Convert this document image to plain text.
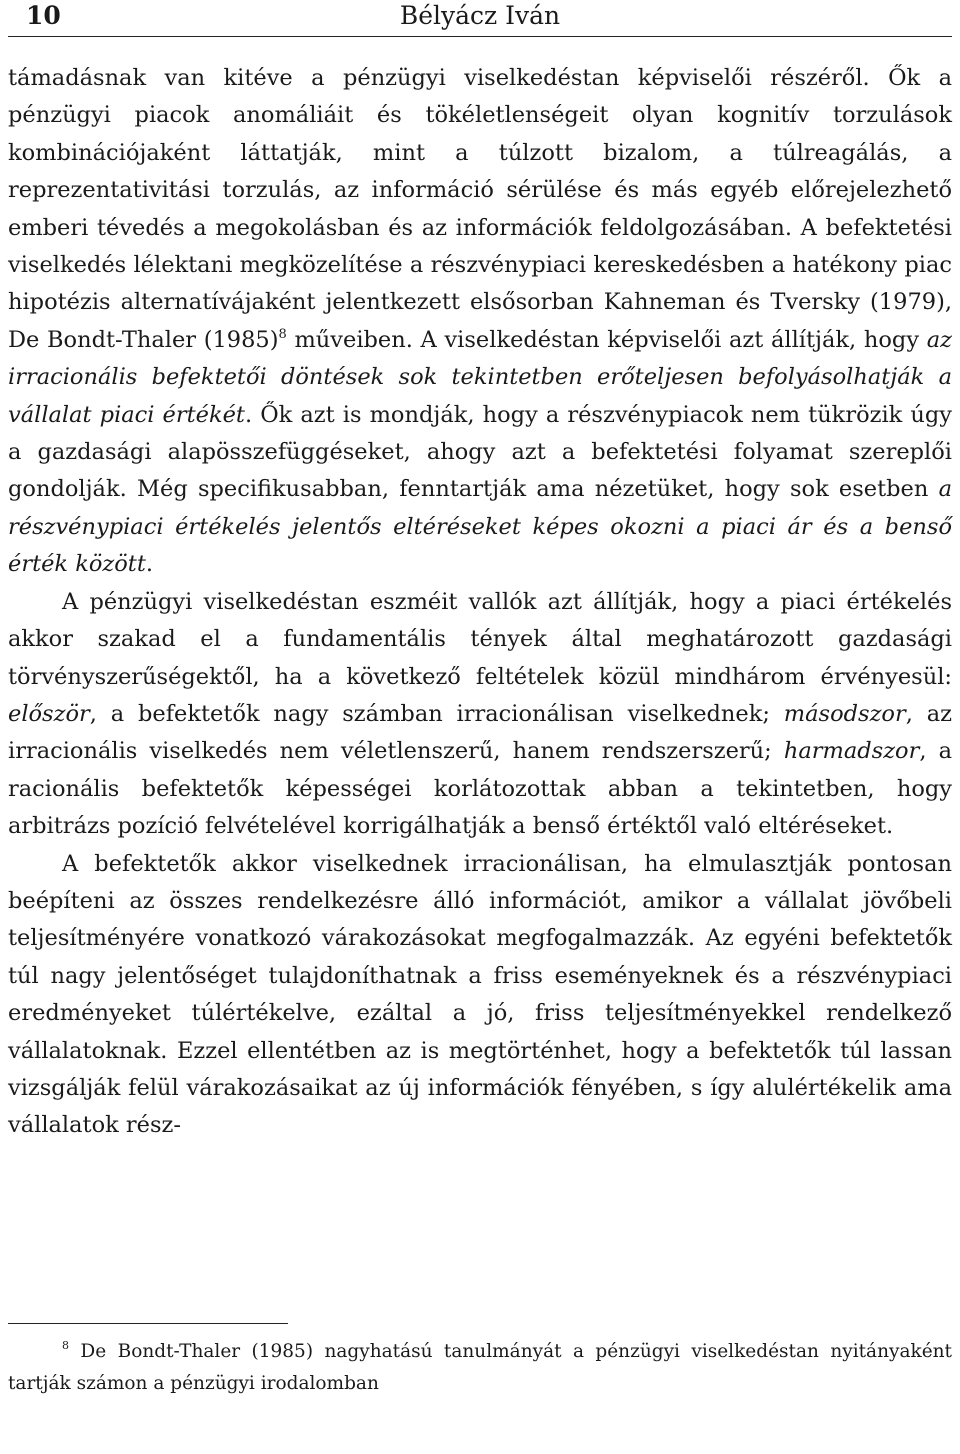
10	Bélyácz Iván

támadásnak van kitéve a pénzügyi viselkedéstan képviselői részéről. Ők a pénzügyi piacok anomáliáit és tökéletlenségeit olyan kognitív torzulások kombinációjaként láttatják, mint a túlzott bizalom, a túlreagálás, a reprezentativitási torzulás, az információ sérülése és más egyéb előrejelezhető emberi tévedés a megokolásban és az információk feldolgozásában. A befektetési viselkedés lélektani megközelítése a részvénypiaci kereskedésben a hatékony piac hipotézis alternatívájaként jelentkezett elsősorban Kahneman és Tversky (1979), De Bondt-Thaler $(1985)^8$ műveiben. A viselkedéstan képviselői azt állítják, hogy az irracionális befektetői döntések sok tekintetben erőteljesen befolyásolhatják a vállalat piaci értékét. Ők azt is mondják, hogy a részvénypiacok nem tükrözik úgy a gazdasági alapösszefüggéseket, ahogy azt a befektetési folyamat szereplői gondolják. Még specifikusabban, fenntartják ama nézetüket, hogy sok esetben a részvénypiaci értékelés jelentős eltéréseket képes okozni a piaci ár és a benső érték között.

A pénzügyi viselkedéstan eszméit vallók azt állítják, hogy a piaci értékelés akkor szakad el a fundamentális tények által meghatározott gazdasági törvényszerűségektől, ha a következő feltételek közül mindhárom érvényesül: először, a befektetők nagy számban irracionálisan viselkednek; másodszor, az irracionális viselkedés nem véletlenszerű, hanem rendszerszerű; harmadszor, a racionális befektetők képességei korlátozottak abban a tekintetben, hogy arbitrázs pozíció felvételével korrigálhatják a benső értéktől való eltéréseket.

A befektetők akkor viselkednek irracionálisan, ha elmulasztják pontosan beépíteni az összes rendelkezésre álló információt, amikor a vállalat jövőbeli teljesítményére vonatkozó várakozásokat megfogalmazzák. Az egyéni befektetők túl nagy jelentőséget tulajdoníthatnak a friss eseményeknek és a részvénypiaci eredményeket túlértékelve, ezáltal a jó, friss teljesítményekkel rendelkező vállalatoknak. Ezzel ellentétben az is megtörténhet, hogy a befektetők túl lassan vizsgálják felül várakozásaikat az új információk fényében, s így alulértékelik ama vállalatok rész-

$^8$ De Bondt-Thaler (1985) nagyhatású tanulmányát a pénzügyi viselkedéstan nyitányaként tartják számon a pénzügyi irodalomban
